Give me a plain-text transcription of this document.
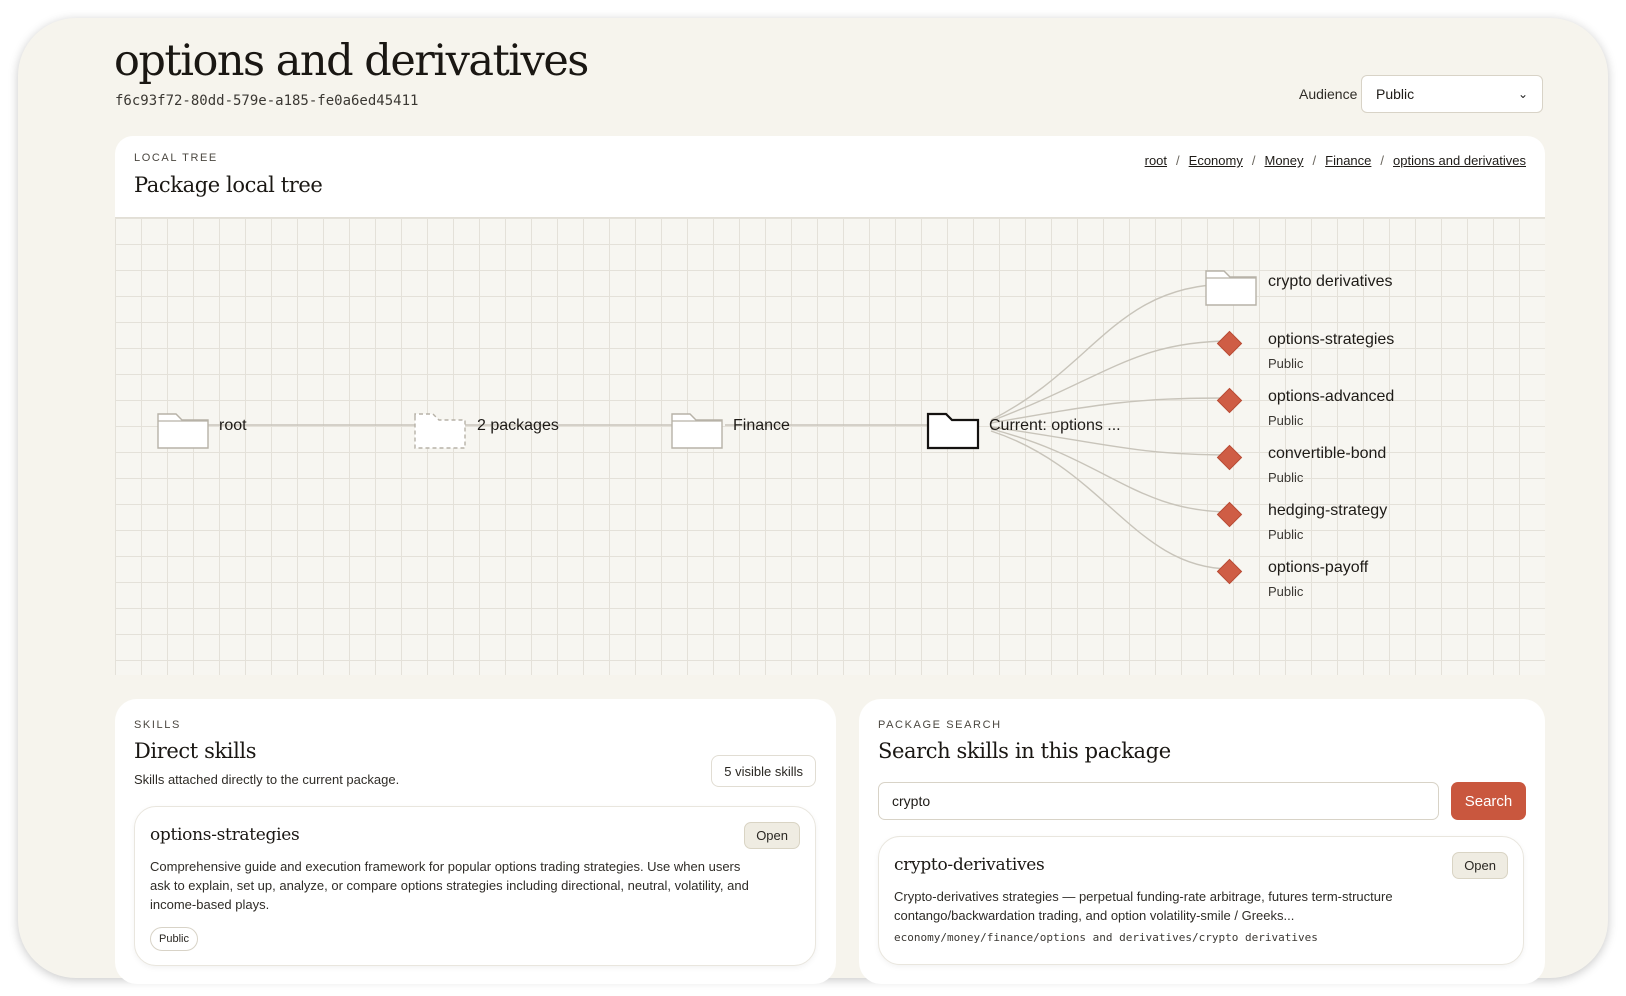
options and derivatives
f6c93f72-80dd-579e-a185-fe0a6ed45411	Audience Public	⌄
LOCAL TREE
Package local tree
root / Economy / Money / Finance / options and derivatives
root	2 packages	Finance	Current: options ...
crypto derivatives
options-strategies
Public
options-advanced
Public
convertible-bond
Public
hedging-strategy
Public
options-payoff
Public
SKILLS
Direct skills
Skills attached directly to the current package.
5 visible skills
options-strategies	Open
Comprehensive guide and execution framework for popular options trading strategies. Use when users ask to explain, set up, analyze, or compare options strategies including directional, neutral, volatility, and income-based plays.
Public
PACKAGE SEARCH
Search skills in this package
crypto
Search
crypto-derivatives	Open
Crypto-derivatives strategies — perpetual funding-rate arbitrage, futures term-structure contango/backwardation trading, and option volatility-smile / Greeks...
economy/money/finance/options and derivatives/crypto derivatives
